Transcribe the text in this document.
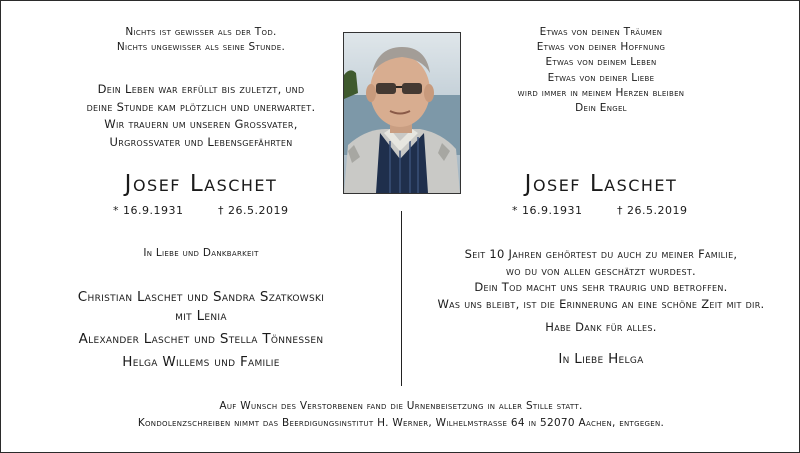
Nichts ist gewisser als der Tod.
Nichts ungewisser als seine Stunde.
Dein Leben war erfüllt bis zuletzt, und
deine Stunde kam plötzlich und unerwartet.
Wir trauern um unseren Grossvater,
Urgrossvater und Lebensgefährten
Josef Laschet
* 16.9.1931	† 26.5.2019
In Liebe und Dankbarkeit
Christian Laschet und Sandra Szatkowski
mit Lenia
Alexander Laschet und Stella Tönnessen
Helga Willems und Familie
Etwas von deinen Träumen
Etwas von deiner Hoffnung
Etwas von deinem Leben
Etwas von deiner Liebe
wird immer in meinem Herzen bleiben
Dein Engel
Josef Laschet
* 16.9.1931	† 26.5.2019
Seit 10 Jahren gehörtest du auch zu meiner Familie,
wo du von allen geschätzt wurdest.
Dein Tod macht uns sehr traurig und betroffen.
Was uns bleibt, ist die Erinnerung an eine schöne Zeit mit dir.
Habe Dank für alles.
In Liebe Helga
Auf Wunsch des Verstorbenen fand die Urnenbeisetzung in aller Stille statt.
Kondolenzschreiben nimmt das Beerdigungsinstitut H. Werner, Wilhelmstrasse 64 in 52070 Aachen, entgegen.
